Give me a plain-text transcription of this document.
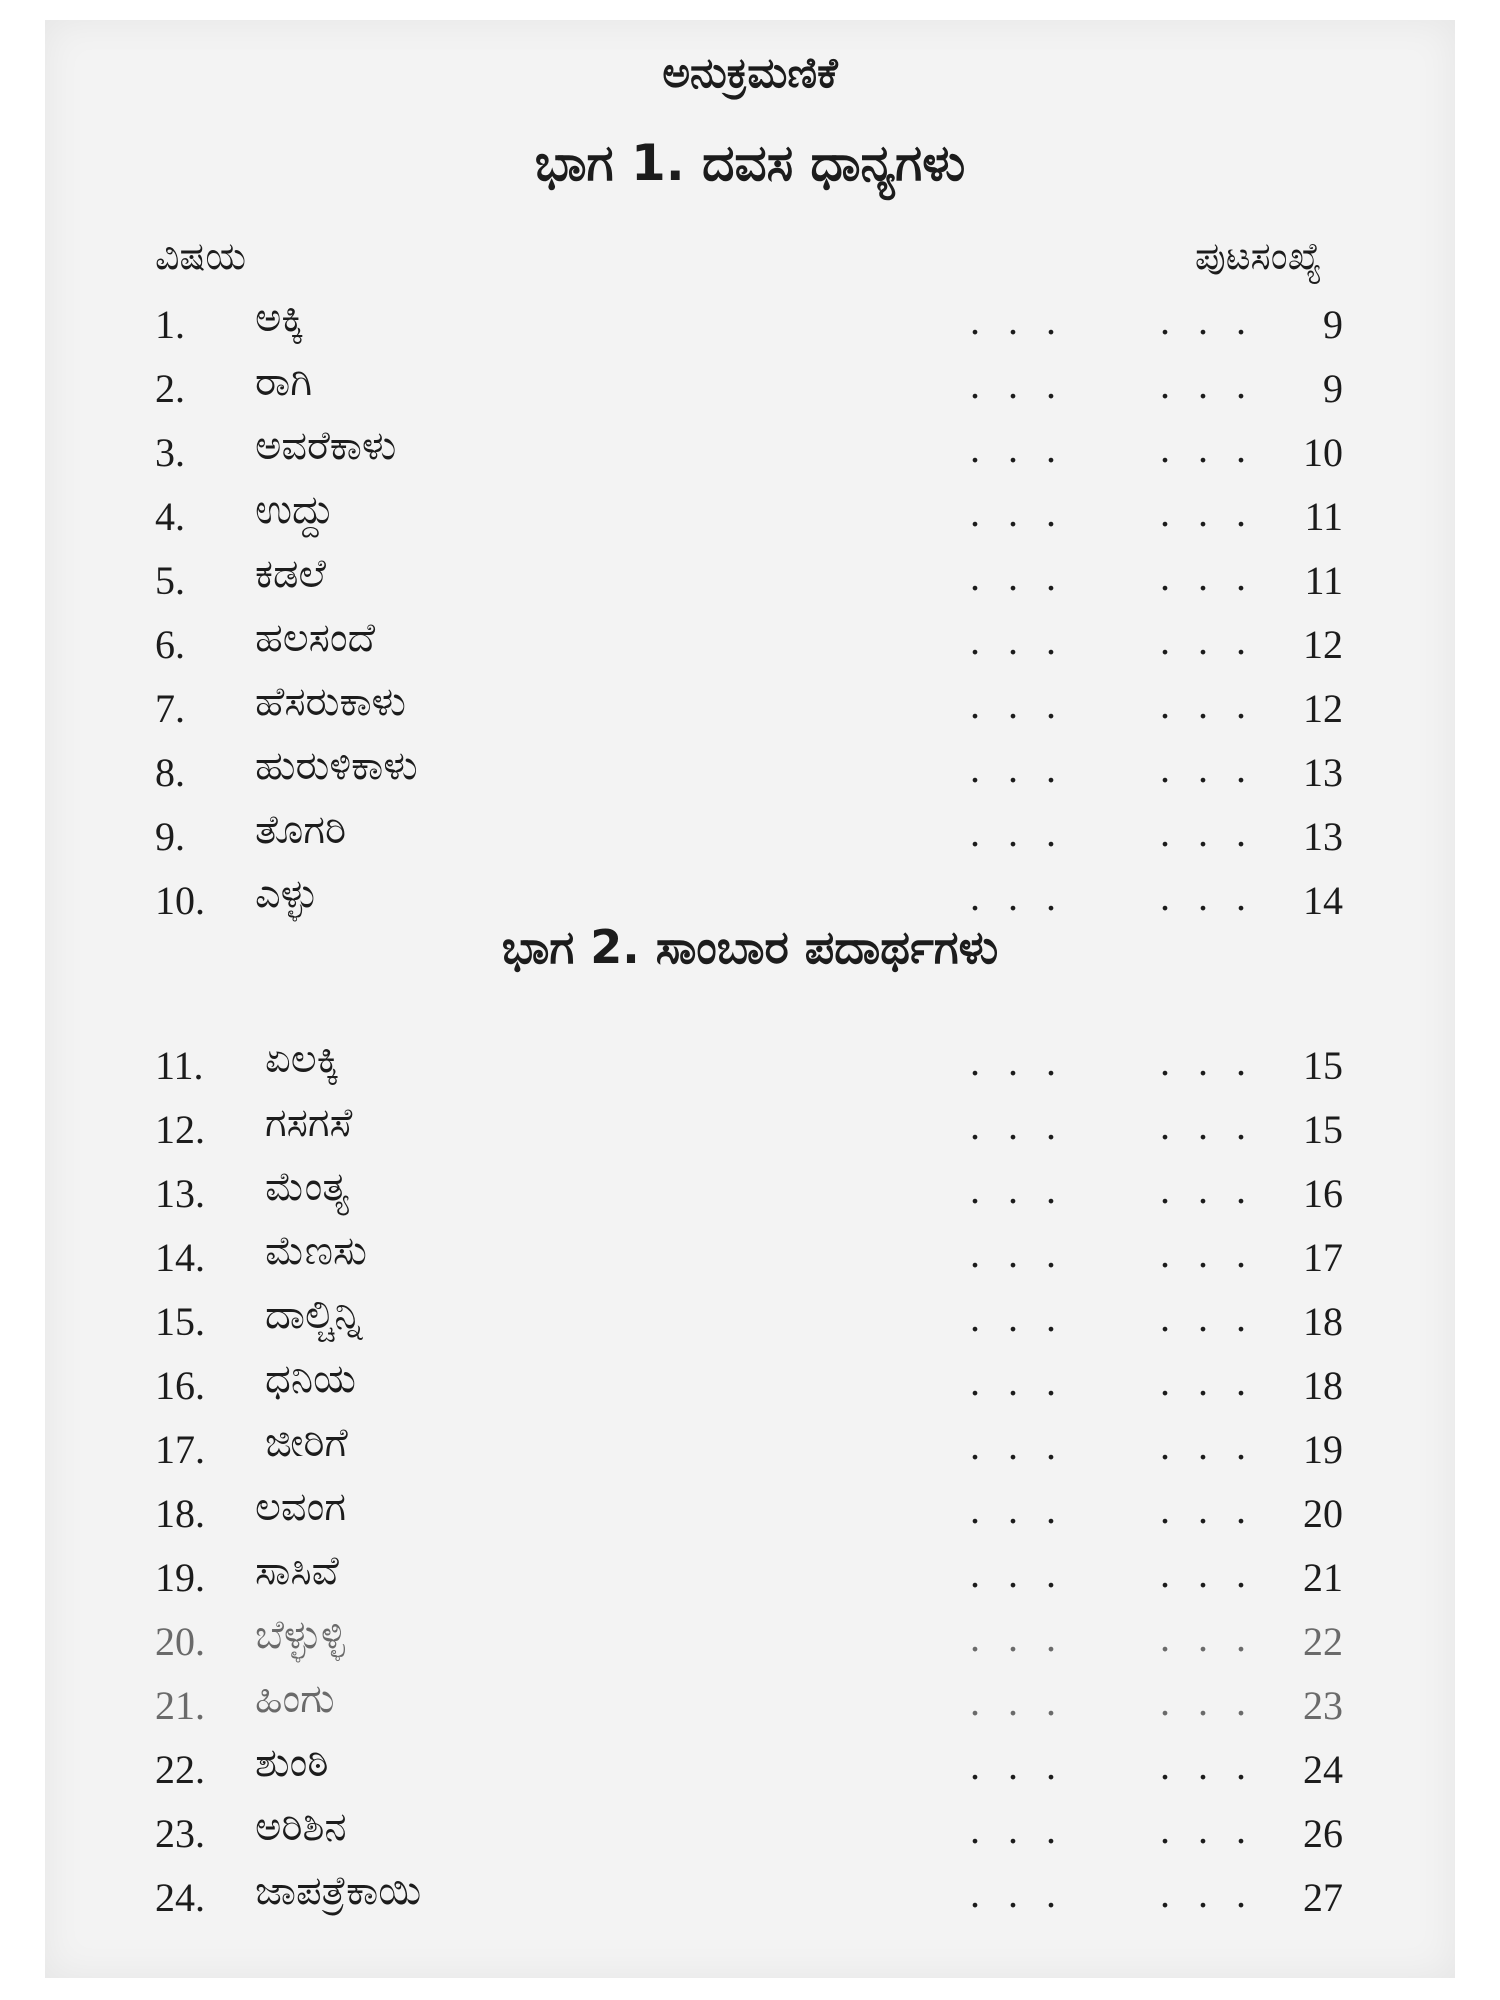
ಅನುಕ್ರಮಣಿಕೆ
ಭಾಗ 1. ದವಸ ಧಾನ್ಯಗಳು
ವಿಷಯ	ಪುಟಸಂಖ್ಯೆ
ಭಾಗ 2. ಸಾಂಬಾರ ಪದಾರ್ಥಗಳು
1. ಅಕ್ಕಿ	. . .     . . . 9
2. ರಾಗಿ	. . .     . . . 9
3. ಅವರೆಕಾಳು	. . .     . . . 10
4. ಉದ್ದು	. . .     . . . 11
5. ಕಡಲೆ	. . .     . . . 11
6. ಹಲಸಂದೆ	. . .     . . . 12
7. ಹೆಸರುಕಾಳು	. . .     . . . 12
8. ಹುರುಳಿಕಾಳು	. . .     . . . 13
9. ತೊಗರಿ	. . .     . . . 13
10. ಎಳ್ಳು	. . .     . . . 14
11. ಏಲಕ್ಕಿ	. . .     . . . 15
12. ಗಸಗಸೆ	. . .     . . . 15
13. ಮೆಂತ್ಯ	. . .     . . . 16
14. ಮೆಣಸು	. . .     . . . 17
15. ದಾಲ್ಚಿನ್ನಿ	. . .     . . . 18
16. ಧನಿಯ	. . .     . . . 18
17. ಜೀರಿಗೆ	. . .     . . . 19
18. ಲವಂಗ	. . .     . . . 20
19. ಸಾಸಿವೆ	. . .     . . . 21
20. ಬೆಳ್ಳುಳ್ಳಿ	. . .     . . . 22
21. ಹಿಂಗು	. . .     . . . 23
22. ಶುಂಠಿ	. . .     . . . 24
23. ಅರಿಶಿನ	. . .     . . . 26
24. ಜಾಪತ್ರೆಕಾಯಿ	. . .     . . . 27
